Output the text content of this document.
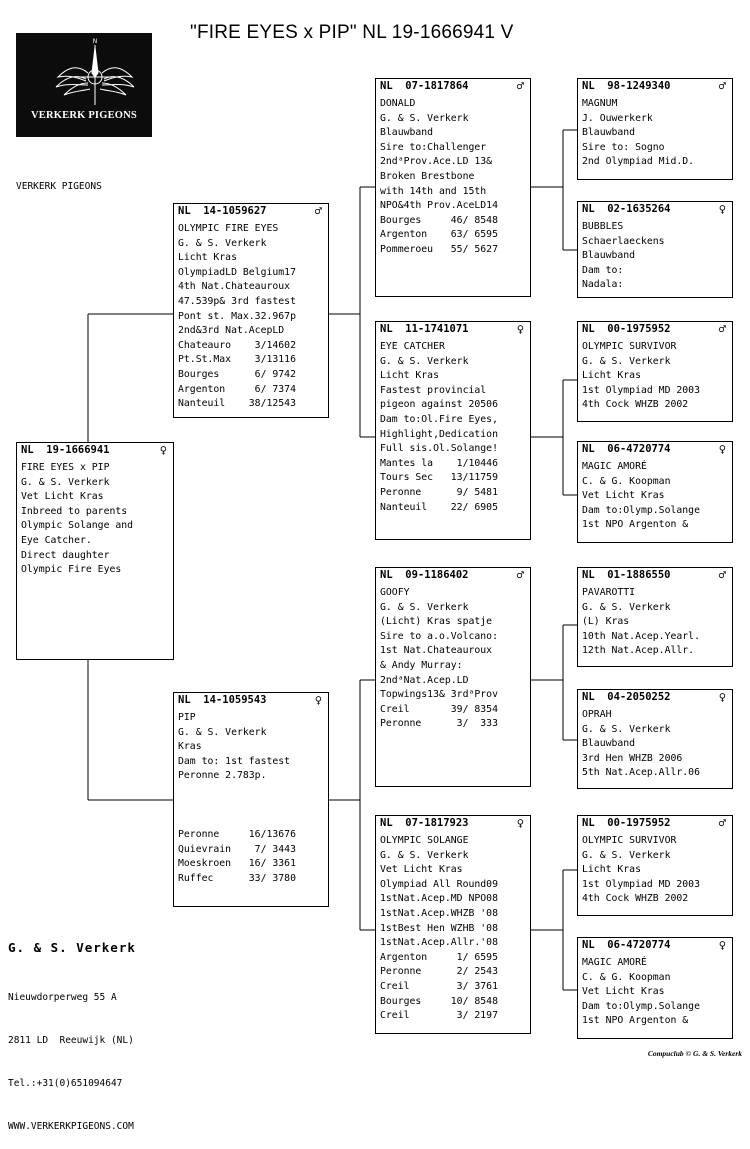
"FIRE EYES x PIP" NL 19-1666941 V
N
VERKERK PIGEONS
VERKERK PIGEONS
NL  19-1666941	♀
FIRE EYES x PIP
G. & S. Verkerk
Vet Licht Kras
Inbreed to parents
Olympic Solange and
Eye Catcher.
Direct daughter
Olympic Fire Eyes
NL  14-1059627	♂
OLYMPIC FIRE EYES
G. & S. Verkerk
Licht Kras
OlympiadLD Belgium17
4th Nat.Chateauroux
47.539p& 3rd fastest
Pont st. Max.32.967p
2nd&3rd Nat.AcepLD
Chateauro    3/14602
Pt.St.Max    3/13116
Bourges      6/ 9742
Argenton     6/ 7374
Nanteuil    38/12543
NL  14-1059543	♀
PIP
G. & S. Verkerk
Kras
Dam to: 1st fastest
Peronne 2.783p.
Peronne     16/13676
Quievrain    7/ 3443
Moeskroen   16/ 3361
Ruffec      33/ 3780
NL  07-1817864	♂
DONALD
G. & S. Verkerk
Blauwband
Sire to:Challenger
2ndᵃProv.Ace.LD 13&
Broken Brestbone
with 14th and 15th
NPO&4th Prov.AceLD14
Bourges     46/ 8548
Argenton    63/ 6595
Pommeroeu   55/ 5627
NL  11-1741071	♀
EYE CATCHER
G. & S. Verkerk
Licht Kras
Fastest provincial
pigeon against 20506
Dam to:Ol.Fire Eyes,
Highlight,Dedication
Full sis.Ol.Solange!
Mantes la    1/10446
Tours Sec   13/11759
Peronne      9/ 5481
Nanteuil    22/ 6905
NL  09-1186402	♂
GOOFY
G. & S. Verkerk
(Licht) Kras spatje
Sire to a.o.Volcano:
1st Nat.Chateauroux
& Andy Murray:
2ndᵃNat.Acep.LD
Topwings13& 3rdᵃProv
Creil       39/ 8354
Peronne      3/  333
NL  07-1817923	♀
OLYMPIC SOLANGE
G. & S. Verkerk
Vet Licht Kras
Olympiad All Round09
1stNat.Acep.MD NPO08
1stNat.Acep.WHZB '08
1stBest Hen WZHB '08
1stNat.Acep.Allr.'08
Argenton     1/ 6595
Peronne      2/ 2543
Creil        3/ 3761
Bourges     10/ 8548
Creil        3/ 2197
NL  98-1249340	♂
MAGNUM
J. Ouwerkerk
Blauwband
Sire to: Sogno
2nd Olympiad Mid.D.
NL  02-1635264	♀
BUBBLES
Schaerlaeckens
Blauwband
Dam to:
Nadala:
NL  00-1975952	♂
OLYMPIC SURVIVOR
G. & S. Verkerk
Licht Kras
1st Olympiad MD 2003
4th Cock WHZB 2002
NL  06-4720774	♀
MAGIC AMORÉ
C. & G. Koopman
Vet Licht Kras
Dam to:Olymp.Solange
1st NPO Argenton &
NL  01-1886550	♂
PAVAROTTI
G. & S. Verkerk
(L) Kras
10th Nat.Acep.Yearl.
12th Nat.Acep.Allr.
NL  04-2050252	♀
OPRAH
G. & S. Verkerk
Blauwband
3rd Hen WHZB 2006
5th Nat.Acep.Allr.06
NL  00-1975952	♂
OLYMPIC SURVIVOR
G. & S. Verkerk
Licht Kras
1st Olympiad MD 2003
4th Cock WHZB 2002
NL  06-4720774	♀
MAGIC AMORÉ
C. & G. Koopman
Vet Licht Kras
Dam to:Olymp.Solange
1st NPO Argenton &
G. & S. Verkerk

Nieuwdorperweg 55 A

2811 LD  Reeuwijk (NL)

Tel.:+31(0)651094647

WWW.VERKERKPIGEONS.COM

Compuclub © G. & S. Verkerk
